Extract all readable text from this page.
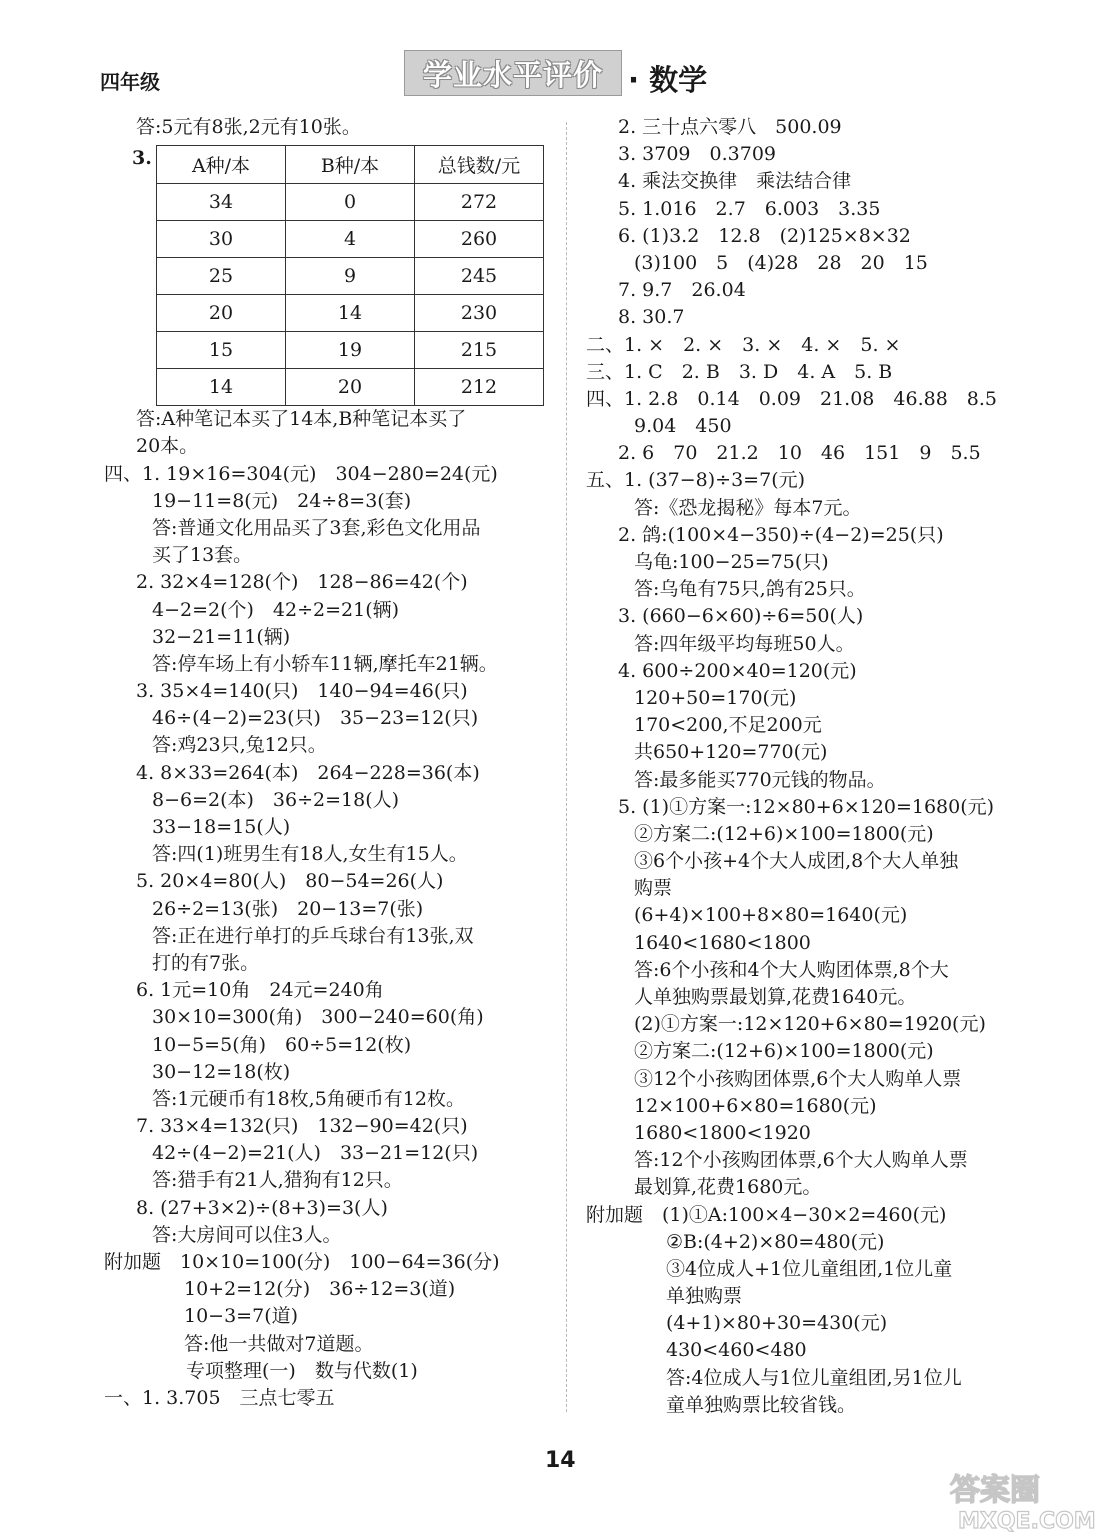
四年级	学业水平评价 · 数学
答:5元有8张,2元有10张。
3. A种/本	B种/本	总钱数/元
34	0	272
30	4	260
25	9	245
20	14	230
15	19	215
14	20	212
答:A种笔记本买了14本,B种笔记本买了
20本。
四、1. 19×16=304(元)　304−280=24(元)
19−11=8(元)　24÷8=3(套)
答:普通文化用品买了3套,彩色文化用品
买了13套。
2. 32×4=128(个)　128−86=42(个)
4−2=2(个)　42÷2=21(辆)
32−21=11(辆)
答:停车场上有小轿车11辆,摩托车21辆。
3. 35×4=140(只)　140−94=46(只)
46÷(4−2)=23(只)　35−23=12(只)
答:鸡23只,兔12只。
4. 8×33=264(本)　264−228=36(本)
8−6=2(本)　36÷2=18(人)
33−18=15(人)
答:四(1)班男生有18人,女生有15人。
5. 20×4=80(人)　80−54=26(人)
26÷2=13(张)　20−13=7(张)
答:正在进行单打的乒乓球台有13张,双
打的有7张。
6. 1元=10角　24元=240角
30×10=300(角)　300−240=60(角)
10−5=5(角)　60÷5=12(枚)
30−12=18(枚)
答:1元硬币有18枚,5角硬币有12枚。
7. 33×4=132(只)　132−90=42(只)
42÷(4−2)=21(人)　33−21=12(只)
答:猎手有21人,猎狗有12只。
8. (27+3×2)÷(8+3)=3(人)
答:大房间可以住3人。
附加题　10×10=100(分)　100−64=36(分)
10+2=12(分)　36÷12=3(道)
10−3=7(道)
答:他一共做对7道题。
专项整理(一)　数与代数(1)
一、1. 3.705　三点七零五
2. 三十点六零八　500.09
3. 3709　0.3709
4. 乘法交换律　乘法结合律
5. 1.016　2.7　6.003　3.35
6. (1)3.2　12.8　(2)125×8×32
(3)100　5　(4)28　28　20　15
7. 9.7　26.04
8. 30.7
二、1. ×　2. ×　3. ×　4. ×　5. ×
三、1. C　2. B　3. D　4. A　5. B
四、1. 2.8　0.14　0.09　21.08　46.88　8.5
9.04　450
2. 6　70　21.2　10　46　151　9　5.5
五、1. (37−8)÷3=7(元)
答:《恐龙揭秘》每本7元。
2. 鸽:(100×4−350)÷(4−2)=25(只)
乌龟:100−25=75(只)
答:乌龟有75只,鸽有25只。
3. (660−6×60)÷6=50(人)
答:四年级平均每班50人。
4. 600÷200×40=120(元)
120+50=170(元)
170<200,不足200元
共650+120=770(元)
答:最多能买770元钱的物品。
5. (1)①方案一:12×80+6×120=1680(元)
②方案二:(12+6)×100=1800(元)
③6个小孩+4个大人成团,8个大人单独
购票
(6+4)×100+8×80=1640(元)
1640<1680<1800
答:6个小孩和4个大人购团体票,8个大
人单独购票最划算,花费1640元。
(2)①方案一:12×120+6×80=1920(元)
②方案二:(12+6)×100=1800(元)
③12个小孩购团体票,6个大人购单人票
12×100+6×80=1680(元)
1680<1800<1920
答:12个小孩购团体票,6个大人购单人票
最划算,花费1680元。
附加题　(1)①A:100×4−30×2=460(元)
②B:(4+2)×80=480(元)
③4位成人+1位儿童组团,1位儿童
单独购票
(4+1)×80+30=430(元)
430<460<480
答:4位成人与1位儿童组团,另1位儿
童单独购票比较省钱。
14
答案圈
MXQE.COM
